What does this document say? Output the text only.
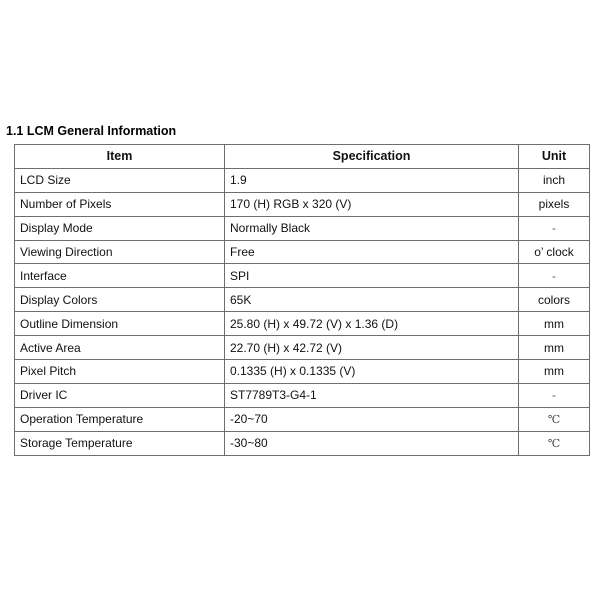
1.1 LCM General Information
Item	Specification	Unit
LCD Size	1.9	inch
Number of Pixels	170 (H) RGB x 320 (V)	pixels
Display Mode	Normally Black	-
Viewing Direction	Free	o’ clock
Interface	SPI	-
Display Colors	65K	colors
Outline Dimension	25.80 (H) x 49.72 (V) x 1.36 (D)	mm
Active Area	22.70 (H) x 42.72 (V)	mm
Pixel Pitch	0.1335 (H) x 0.1335 (V)	mm
Driver IC	ST7789T3-G4-1	-
Operation Temperature	-20~70	℃
Storage Temperature	-30~80	℃
